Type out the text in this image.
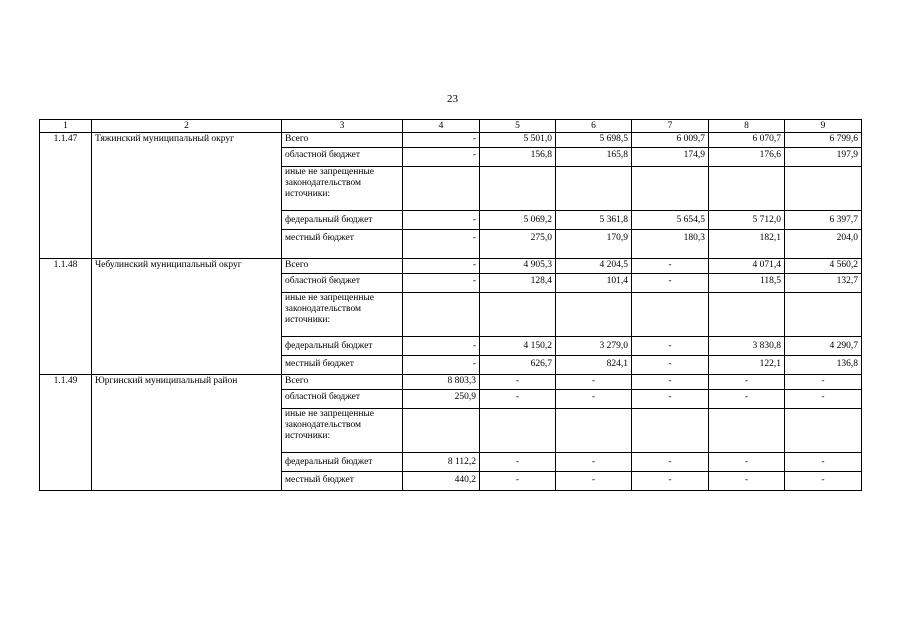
23
1	2	3	4	5	6	7	8	9
1.1.47	Тяжинский муниципальный округ	Всего	-	5 501,0	5 698,5	6 009,7	6 070,7	6 799,6
		областной бюджет	-	156,8	165,8	174,9	176,6	197,9
		иные не запрещенные законодательством источники:						
		федеральный бюджет	-	5 069,2	5 361,8	5 654,5	5 712,0	6 397,7
		местный бюджет	-	275,0	170,9	180,3	182,1	204,0
1.1.48	Чебулинский муниципальный округ	Всего	-	4 905,3	4 204,5	-	4 071,4	4 560,2
		областной бюджет	-	128,4	101,4	-	118,5	132,7
		иные не запрещенные законодательством источники:						
		федеральный бюджет	-	4 150,2	3 279,0	-	3 830,8	4 290,7
		местный бюджет	-	626,7	824,1	-	122,1	136,8
1.1.49	Юргинский муниципальный район	Всего	8 803,3	-	-	-	-	-
		областной бюджет	250,9	-	-	-	-	-
		иные не запрещенные законодательством источники:						
		федеральный бюджет	8 112,2	-	-	-	-	-
		местный бюджет	440,2	-	-	-	-	-
